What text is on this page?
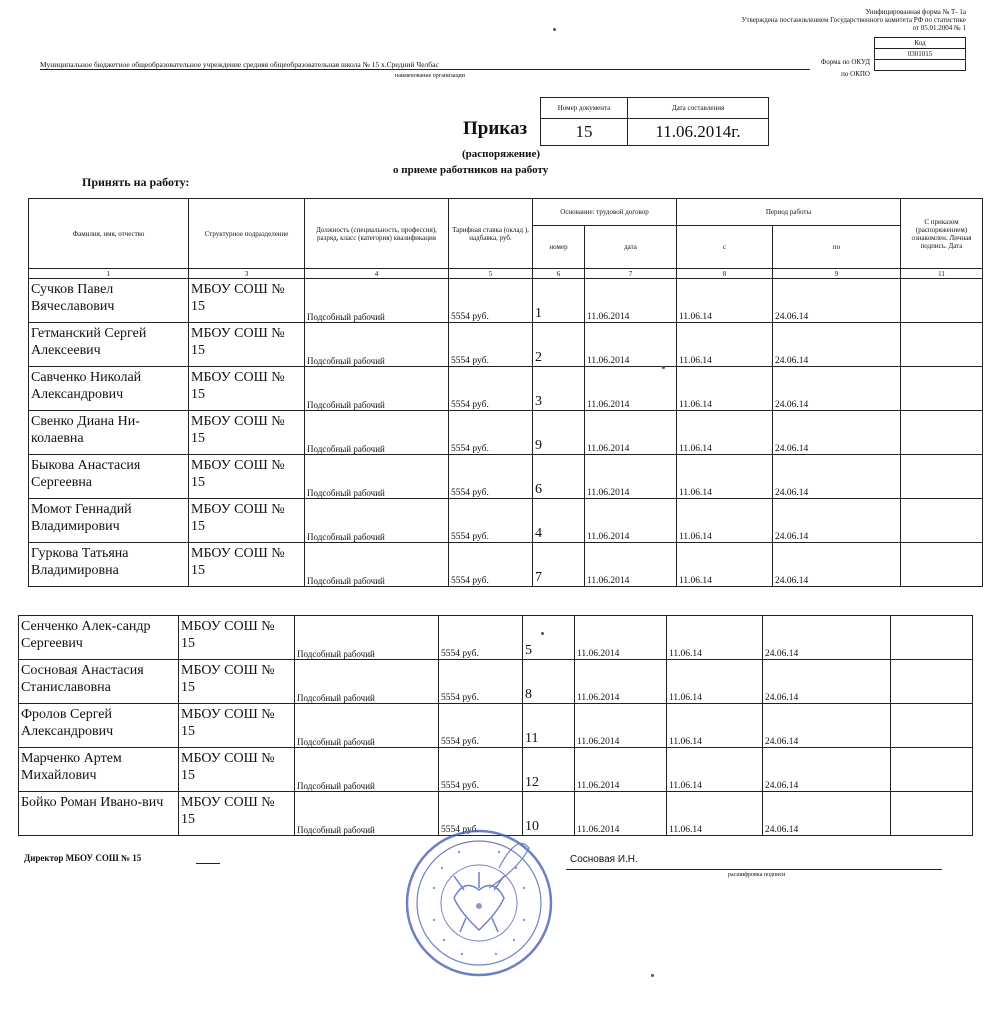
Унифицированная форма № Т- 1а
Утверждена постановлением Государственного комитета РФ по статистике
от 05.01.2004 № 1
Код
0301015

Форма по ОКУД
по ОКПО
Муниципальное бюджетное общеобразовательное учреждение средняя общеобразовательная школа № 15 х.Средний Челбас
наименование организации
Номер документа	Дата составления
15	11.06.2014г.
Приказ
(распоряжение)
о приеме работников на работу
Принять на работу:
Фамилия, имя, отчество	Структурное подразделение	Должность (специальность, профессия), разряд, класс (категория) квалификация	Тарифная ставка (оклад ), надбавка, руб.	Основание: трудовой договор		Период работы		С приказом (распоряжением) ознакомлен. Личная подпись. Дата
				номер	дата	с	по	
1	3	4	5	6	7	8	9	11
Сучков Павел Вячеславович	МБОУ СОШ № 15	Подсобный рабочий	5554 руб.	1	11.06.2014	11.06.14	24.06.14	
Гетманский Сергей Алексеевич	МБОУ СОШ № 15	Подсобный рабочий	5554 руб.	2	11.06.2014	11.06.14	24.06.14	
Савченко Николай Александрович	МБОУ СОШ № 15	Подсобный рабочий	5554 руб.	3	11.06.2014	11.06.14	24.06.14	
Свенко Диана Ни-колаевна	МБОУ СОШ № 15	Подсобный рабочий	5554 руб.	9	11.06.2014	11.06.14	24.06.14	
Быкова Анастасия Сергеевна	МБОУ СОШ № 15	Подсобный рабочий	5554 руб.	6	11.06.2014	11.06.14	24.06.14	
Момот Геннадий Владимирович	МБОУ СОШ № 15	Подсобный рабочий	5554 руб.	4	11.06.2014	11.06.14	24.06.14	
Гуркова Татьяна Владимировна	МБОУ СОШ № 15	Подсобный рабочий	5554 руб.	7	11.06.2014	11.06.14	24.06.14	
Сенченко Алек-сандр Сергеевич	МБОУ СОШ № 15	Подсобный рабочий	5554 руб.	5	11.06.2014	11.06.14	24.06.14	
Сосновая Анастасия Станиславовна	МБОУ СОШ № 15	Подсобный рабочий	5554 руб.	8	11.06.2014	11.06.14	24.06.14	
Фролов Сергей Александрович	МБОУ СОШ № 15	Подсобный рабочий	5554 руб.	11	11.06.2014	11.06.14	24.06.14	
Марченко Артем Михайлович	МБОУ СОШ № 15	Подсобный рабочий	5554 руб.	12	11.06.2014	11.06.14	24.06.14	
Бойко Роман Ивано-вич	МБОУ СОШ № 15	Подсобный рабочий	5554 руб.	10	11.06.2014	11.06.14	24.06.14	
Директор МБОУ СОШ № 15	Сосновая И.Н.
расшифровка подписи
